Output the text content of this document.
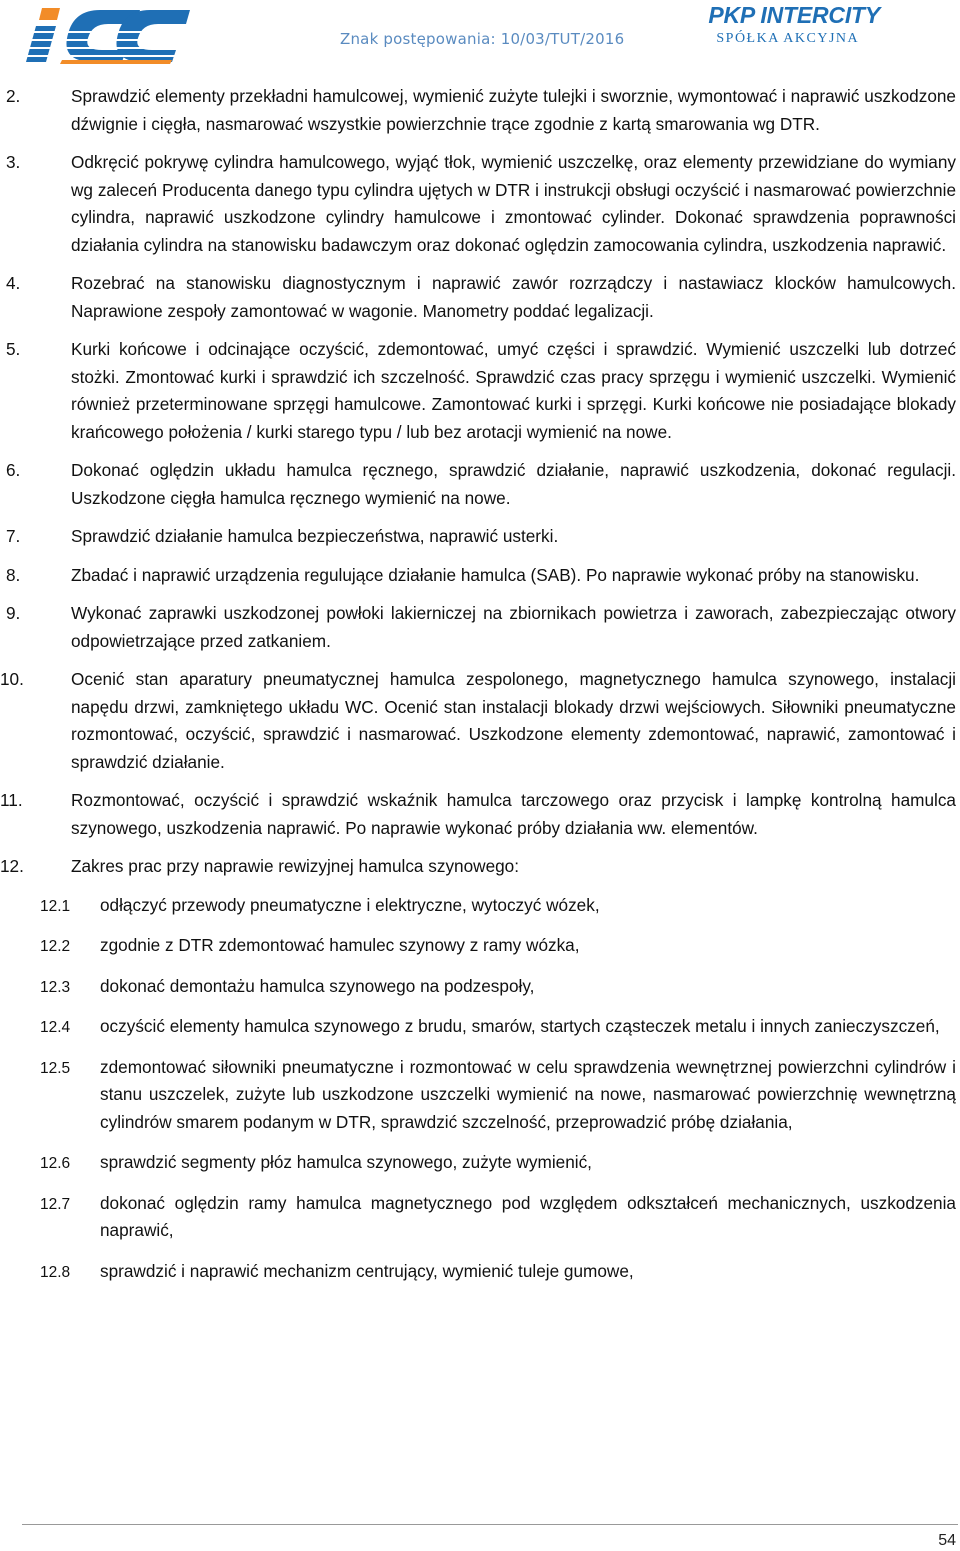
Znak postępowania: 10/03/TUT/2016
PKP INTERCITY
SPÓŁKA AKCYJNA
2.	Sprawdzić elementy przekładni hamulcowej, wymienić zużyte tulejki i sworznie, wymontować i naprawić uszkodzone dźwignie i cięgła, nasmarować wszystkie powierzchnie trące zgodnie z kartą smarowania wg DTR.
3.	Odkręcić pokrywę cylindra hamulcowego, wyjąć tłok, wymienić uszczelkę, oraz elementy przewidziane do wymiany wg zaleceń Producenta danego typu cylindra ujętych w DTR i instrukcji obsługi oczyścić i nasmarować powierzchnie cylindra, naprawić uszkodzone cylindry hamulcowe i zmontować cylinder. Dokonać sprawdzenia poprawności działania cylindra na stanowisku badawczym oraz dokonać oględzin zamocowania cylindra, uszkodzenia naprawić.
4.	Rozebrać na stanowisku diagnostycznym i naprawić zawór rozrządczy i nastawiacz klocków hamulcowych. Naprawione zespoły zamontować w wagonie. Manometry poddać legalizacji.
5.	Kurki końcowe i odcinające oczyścić, zdemontować, umyć części i sprawdzić. Wymienić uszczelki lub dotrzeć stożki. Zmontować kurki i sprawdzić ich szczelność. Sprawdzić czas pracy sprzęgu i wymienić uszczelki. Wymienić również przeterminowane sprzęgi hamulcowe. Zamontować kurki i sprzęgi. Kurki końcowe nie posiadające blokady krańcowego położenia / kurki starego typu / lub bez arotacji wymienić na nowe.
6.	Dokonać oględzin układu hamulca ręcznego, sprawdzić działanie, naprawić uszkodzenia, dokonać regulacji. Uszkodzone cięgła hamulca ręcznego wymienić na nowe.
7.	Sprawdzić działanie hamulca bezpieczeństwa, naprawić usterki.
8.	Zbadać i naprawić urządzenia regulujące działanie hamulca (SAB). Po naprawie wykonać próby na stanowisku.
9.	Wykonać zaprawki uszkodzonej powłoki lakierniczej na zbiornikach powietrza i zaworach, zabezpieczając otwory odpowietrzające przed zatkaniem.
10.	Ocenić stan aparatury pneumatycznej hamulca zespolonego, magnetycznego hamulca szynowego, instalacji napędu drzwi, zamkniętego układu WC. Ocenić stan instalacji blokady drzwi wejściowych. Siłowniki pneumatyczne rozmontować, oczyścić, sprawdzić i nasmarować. Uszkodzone elementy zdemontować, naprawić, zamontować i sprawdzić działanie.
11.	Rozmontować, oczyścić i sprawdzić wskaźnik hamulca tarczowego oraz przycisk i lampkę kontrolną hamulca szynowego, uszkodzenia naprawić. Po naprawie wykonać próby działania ww. elementów.
12.	Zakres prac przy naprawie rewizyjnej hamulca szynowego:
12.1 odłączyć przewody pneumatyczne i elektryczne, wytoczyć wózek,
12.2 zgodnie z DTR zdemontować hamulec szynowy z ramy wózka,
12.3 dokonać demontażu hamulca szynowego na podzespoły,
12.4 oczyścić elementy hamulca szynowego z brudu, smarów, startych cząsteczek metalu i innych zanieczyszczeń,
12.5 zdemontować siłowniki pneumatyczne i rozmontować w celu sprawdzenia wewnętrznej powierzchni cylindrów i stanu uszczelek, zużyte lub uszkodzone uszczelki wymienić na nowe, nasmarować powierzchnię wewnętrzną cylindrów smarem podanym w DTR, sprawdzić szczelność, przeprowadzić próbę działania,
12.6 sprawdzić segmenty płóz hamulca szynowego, zużyte wymienić,
12.7 dokonać oględzin ramy hamulca magnetycznego pod względem odkształceń mechanicznych, uszkodzenia naprawić,
12.8 sprawdzić i naprawić mechanizm centrujący, wymienić tuleje gumowe,
54
